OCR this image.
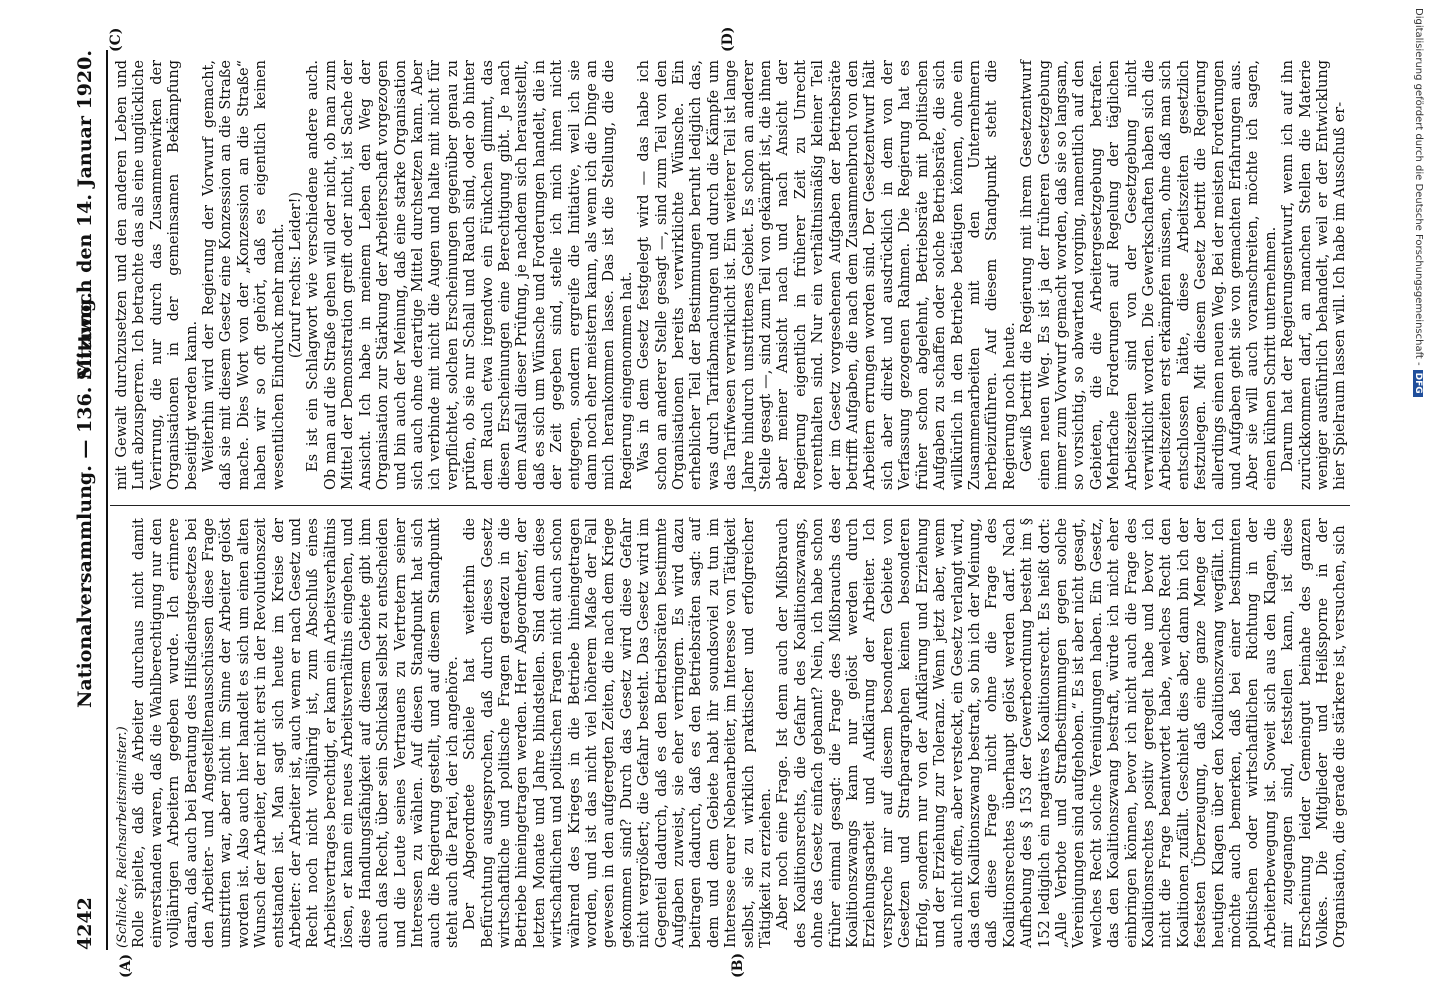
4242
Nationalversammlung. — 136. Sitzung.
Mittwoch den 14. Januar 1920.
(A)	(B)
(C)	(D)

(Schlicke, Reichsarbeitsminister.) Rolle spielte, daß die Arbeiter durchaus nicht damit einverstanden waren, daß die Wahlberechtigung nur den volljährigen Arbeitern gegeben wurde. Ich erinnere daran, daß auch bei Beratung des Hilfsdienstgesetzes bei den Arbeiter- und Angestelltenausschüssen diese Frage umstritten war, aber nicht im Sinne der Arbeiter gelöst worden ist. Also auch hier handelt es sich um einen alten Wunsch der Arbeiter, der nicht erst in der Revolutionszeit entstanden ist. Man sagt sich heute im Kreise der Arbeiter: der Arbeiter ist, auch wenn er nach Gesetz und Recht noch nicht volljährig ist, zum Abschluß eines Arbeitsvertrages berechtigt, er kann ein Arbeitsverhältnis lösen, er kann ein neues Arbeitsverhältnis eingehen, und diese Handlungsfähigkeit auf diesem Gebiete gibt ihm auch das Recht, über sein Schicksal selbst zu entscheiden und die Leute seines Vertrauens zu Vertretern seiner Interessen zu wählen. Auf diesen Standpunkt hat sich auch die Regierung gestellt, und auf diesem Standpunkt steht auch die Partei, der ich angehöre. Der Abgeordnete Schiele hat weiterhin die Befürchtung ausgesprochen, daß durch dieses Gesetz wirtschaftliche und politische Fragen geradezu in die Betriebe hineingetragen werden. Herr Abgeordneter, der letzten Monate und Jahre blindstellen. Sind denn diese wirtschaftlichen und politischen Fragen nicht auch schon während des Krieges in die Betriebe hineingetragen worden, und ist das nicht viel höherem Maße der Fall gewesen in den aufgeregten Zeiten, die nach dem Kriege gekommen sind? Durch das Gesetz wird diese Gefahr nicht vergrößert; die Gefahr besteht. Das Gesetz wird im Gegenteil dadurch, daß es den Betriebsräten bestimmte Aufgaben zuweist, sie eher verringern. Es wird dazu beitragen dadurch, daß es den Betriebsräten sagt: auf dem und dem Gebiete habt ihr soundsoviel zu tun im Interesse eurer Nebenarbeiter, im Interesse von Tätigkeit selbst, sie zu wirklich praktischer und erfolgreicher Tätigkeit zu erziehen. Aber noch eine Frage. Ist denn auch der Mißbrauch des Koalitionsrechts, die Gefahr des Koalitionszwangs, ohne das Gesetz einfach gebannt? Nein, ich habe schon früher einmal gesagt: die Frage des Mißbrauchs des Koalitionszwangs kann nur gelöst werden durch Erziehungsarbeit und Aufklärung der Arbeiter. Ich verspreche mir auf diesem besonderen Gebiete von Gesetzen und Strafparagraphen keinen besonderen Erfolg, sondern nur von der Aufklärung und Erziehung und der Erziehung zur Toleranz. Wenn jetzt aber, wenn auch nicht offen, aber versteckt, ein Gesetz verlangt wird, das den Koalitionszwang bestraft, so bin ich der Meinung, daß diese Frage nicht ohne die Frage des Koalitionsrechtes überhaupt gelöst werden darf. Nach Aufhebung des § 153 der Gewerbeordnung besteht im § 152 lediglich ein negatives Koalitionsrecht. Es heißt dort: „Alle Verbote und Strafbestimmungen gegen solche Vereinigungen sind aufgehoben.“ Es ist aber nicht gesagt, welches Recht solche Vereinigungen haben. Ein Gesetz, das den Koalitionszwang bestraft, würde ich nicht eher einbringen können, bevor ich nicht auch die Frage des Koalitionsrechtes positiv geregelt habe und bevor ich nicht die Frage beantwortet habe, welches Recht den Koalitionen zufällt. Geschieht dies aber, dann bin ich der festesten Überzeugung, daß eine ganze Menge der heutigen Klagen über den Koalitionszwang wegfällt. Ich möchte auch bemerken, daß bei einer bestimmten politischen oder wirtschaftlichen Richtung in der Arbeiterbewegung ist. Soweit sich aus den Klagen, die mir zugegangen sind, feststellen kann, ist diese Erscheinung leider Gemeingut beinahe des ganzen Volkes. Die Mitglieder und Heißsporne in der Organisation, die gerade die stärkere ist, versuchen, sich

mit Gewalt durchzusetzen und den anderen Leben und Luft abzusperren. Ich betrachte das als eine unglückliche Verirrung, die nur durch das Zusammenwirken der Organisationen in der gemeinsamen Bekämpfung beseitigt werden kann. Weiterhin wird der Regierung der Vorwurf gemacht, daß sie mit diesem Gesetz eine Konzession an die Straße mache. Dies Wort von der „Konzession an die Straße“ haben wir so oft gehört, daß es eigentlich keinen wesentlichen Eindruck mehr macht. (Zuruf rechts: Leider!) Es ist ein Schlagwort wie verschiedene andere auch. Ob man auf die Straße gehen will oder nicht, ob man zum Mittel der Demonstration greift oder nicht, ist Sache der Ansicht. Ich habe in meinem Leben den Weg der Organisation zur Stärkung der Arbeiterschaft vorgezogen und bin auch der Meinung, daß eine starke Organisation sich auch ohne derartige Mittel durchsetzen kann. Aber ich verbinde mit nicht die Augen und halte mit nicht für verpflichtet, solchen Erscheinungen gegenüber genau zu prüfen, ob sie nur Schall und Rauch sind, oder ob hinter dem Rauch etwa irgendwo ein Fünkchen glimmt, das diesen Erscheinungen eine Berechtigung gibt. Je nach dem Ausfall dieser Prüfung, je nachdem sich herausstellt, daß es sich um Wünsche und Forderungen handelt, die in der Zeit gegeben sind, stelle ich mich ihnen nicht entgegen, sondern ergreife die Initiative, weil ich sie dann noch eher meistern kann, als wenn ich die Dinge an mich herankommen lasse. Das ist die Stellung, die die Regierung eingenommen hat. Was in dem Gesetz festgelegt wird — das habe ich schon an anderer Stelle gesagt —, sind zum Teil von den Organisationen bereits verwirklichte Wünsche. Ein erheblicher Teil der Bestimmungen beruht lediglich das, was durch Tarifabmachungen und durch die Kämpfe um das Tarifwesen verwirklicht ist. Ein weiterer Teil ist lange Jahre hindurch unstrittenes Gebiet. Es schon an anderer Stelle gesagt —, sind zum Teil von gekämpft ist, die ihnen aber meiner Ansicht nach und nach Ansicht der Regierung eigentlich in früherer Zeit zu Unrecht vorenthalten sind. Nur ein verhältnismäßig kleiner Teil der im Gesetz vorgesehenen Aufgaben der Betriebsräte betrifft Aufgaben, die nach dem Zusammenbruch von den Arbeitern errungen worden sind. Der Gesetzentwurf hält sich aber direkt und ausdrücklich in dem von der Verfassung gezogenen Rahmen. Die Regierung hat es früher schon abgelehnt, Betriebsräte mit politischen Aufgaben zu schaffen oder solche Betriebsräte, die sich willkürlich in den Betriebe betätigen können, ohne ein Zusammenarbeiten mit den Unternehmern herbeizuführen. Auf diesem Standpunkt steht die Regierung noch heute. Gewiß betritt die Regierung mit ihrem Gesetzentwurf einen neuen Weg. Es ist ja der früheren Gesetzgebung immer zum Vorwurf gemacht worden, daß sie so langsam, so vorsichtig, so abwartend vorging, namentlich auf den Gebieten, die die Arbeitergesetzgebung betrafen. Mehrfache Forderungen auf Regelung der täglichen Arbeitszeiten sind von der Gesetzgebung nicht verwirklicht worden. Die Gewerkschaften haben sich die Arbeitszeiten erst erkämpfen müssen, ohne daß man sich entschlossen hätte, diese Arbeitszeiten gesetzlich festzulegen. Mit diesem Gesetz betritt die Regierung allerdings einen neuen Weg. Bei der meisten Forderungen und Aufgaben geht sie von gemachten Erfahrungen aus. Aber sie will auch voranschreiten, möchte ich sagen, einen kühnen Schritt unternehmen. Darum hat der Regierungsentwurf, wenn ich auf ihn zurückkommen darf, an manchen Stellen die Materie weniger ausführlich behandelt, weil er der Entwicklung hier Spielraum lassen will. Ich habe im Ausschuß er-	Digitalisierung gefördert durch die Deutsche Forschungsgemeinschaft -DFG
